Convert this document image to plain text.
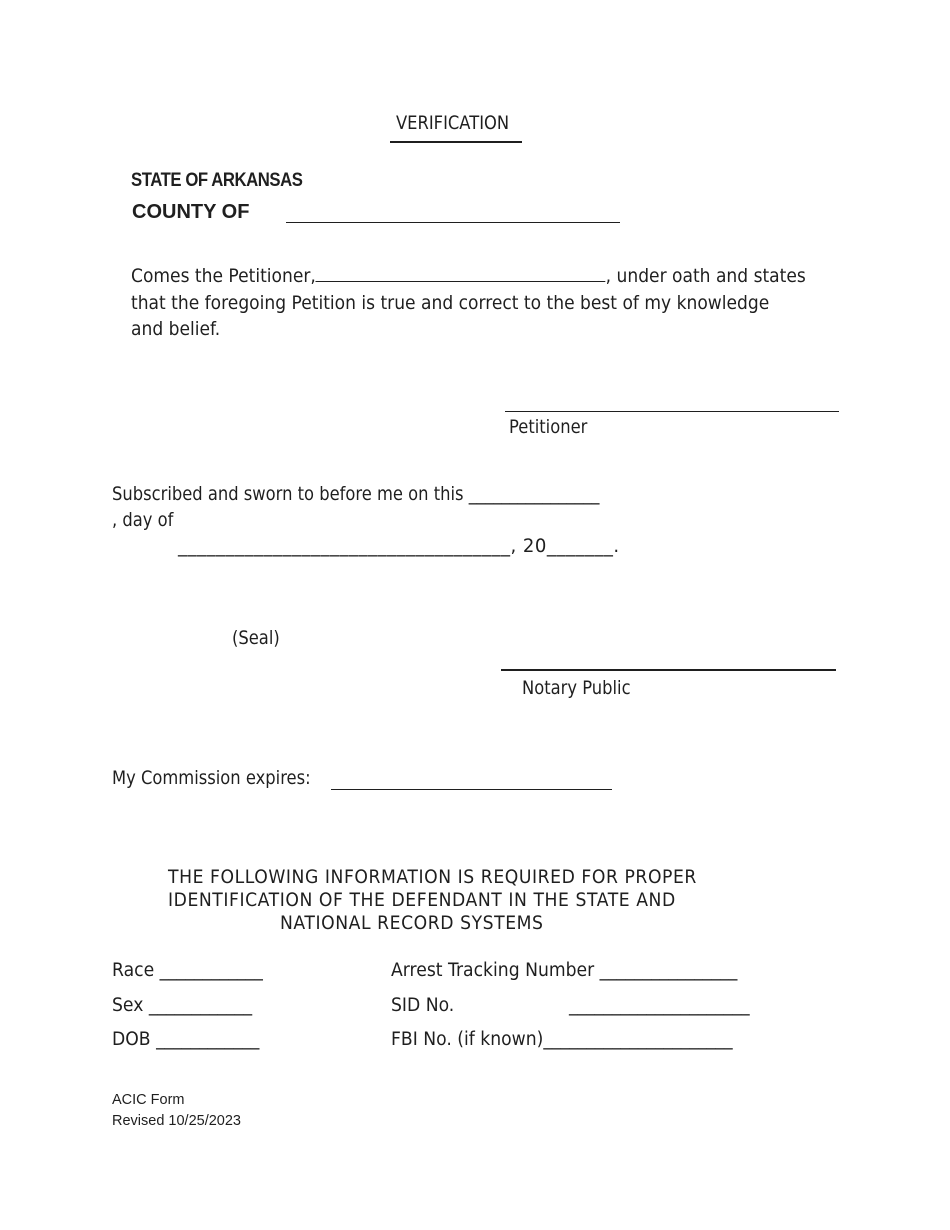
VERIFICATION
STATE OF ARKANSAS
COUNTY OF
Comes the Petitioner,	, under oath and states
that the foregoing Petition is true and correct to the best of my knowledge
and belief.
Petitioner
Subscribed and sworn to before me on this ________________
, day of
___________________________________, 20_______.
(Seal)
Notary Public
My Commission expires:
THE FOLLOWING INFORMATION IS REQUIRED FOR PROPER
IDENTIFICATION OF THE DEFENDANT IN THE STATE AND
NATIONAL RECORD SYSTEMS
Race ____________
Sex ____________
DOB ____________
Arrest Tracking Number ________________
SID No.	_____________________
FBI No. (if known)______________________
ACIC Form
Revised 10/25/2023
